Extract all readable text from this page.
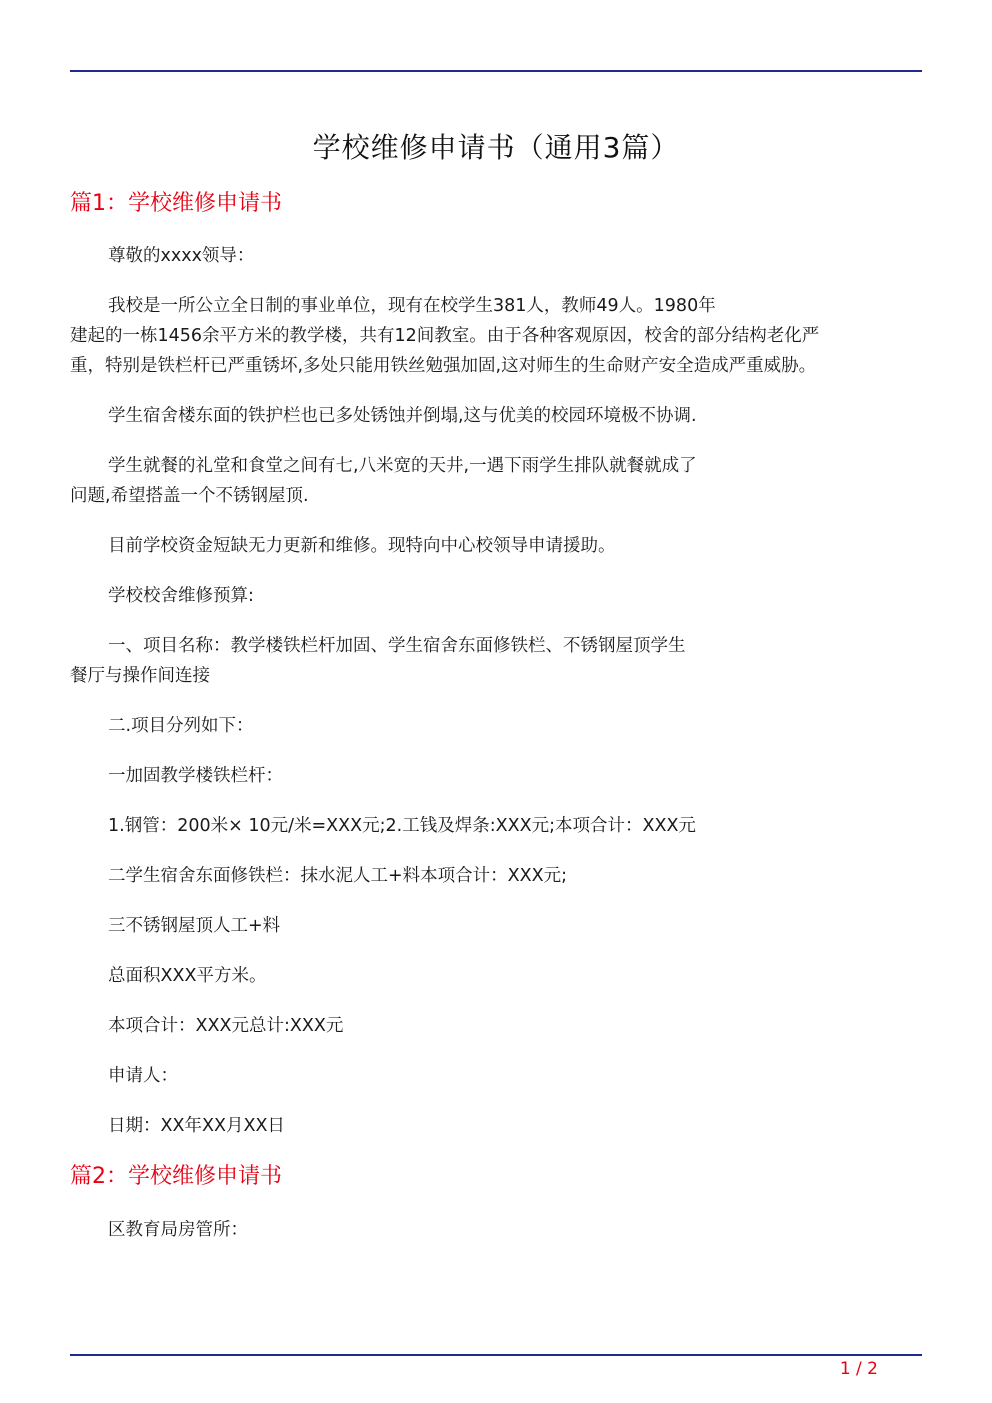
学校维修申请书（通用3篇）
篇1：学校维修申请书

尊敬的xxxx领导：

我校是一所公立全日制的事业单位，现有在校学生381人，教师49人。1980年
建起的一栋1456余平方米的教学楼，共有12间教室。由于各种客观原因，校舍的部分结构老化严
重，特别是铁栏杆已严重锈坏,多处只能用铁丝勉强加固,这对师生的生命财产安全造成严重威胁。

学生宿舍楼东面的铁护栏也已多处锈蚀并倒塌,这与优美的校园环境极不协调.

学生就餐的礼堂和食堂之间有七,八米宽的天井,一遇下雨学生排队就餐就成了
问题,希望搭盖一个不锈钢屋顶.

目前学校资金短缺无力更新和维修。现特向中心校领导申请援助。

学校校舍维修预算:

一、项目名称：教学楼铁栏杆加固、学生宿舍东面修铁栏、不锈钢屋顶学生
餐厅与操作间连接

二.项目分列如下：

一加固教学楼铁栏杆：

1.钢管：200米× 10元/米=XXX元;2.工钱及焊条:XXX元;本项合计：XXX元

二学生宿舍东面修铁栏：抹水泥人工+料本项合计：XXX元;

三不锈钢屋顶人工+料

总面积XXX平方米。

本项合计：XXX元总计:XXX元

申请人：

日期：XX年XX月XX日

篇2：学校维修申请书

区教育局房管所：

1 / 2
